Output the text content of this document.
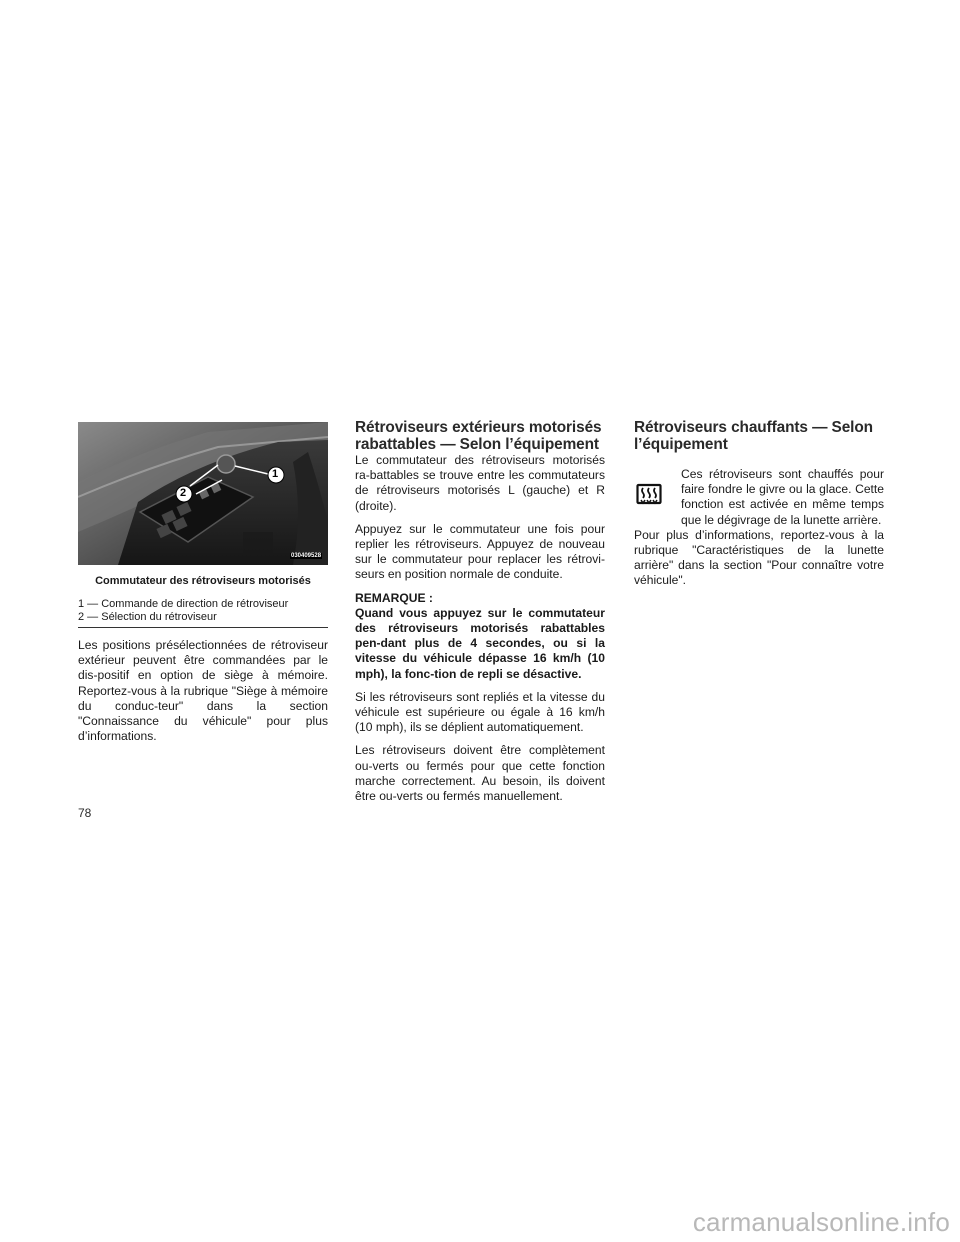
1
2
030409528
Commutateur des rétroviseurs motorisés
1 — Commande de direction de rétroviseur
2 — Sélection du rétroviseur

Les positions présélectionnées de rétroviseur extérieur peuvent être commandées par le dis-positif en option de siège à mémoire. Reportez-vous à la rubrique "Siège à mémoire du conduc-teur" dans la section "Connaissance du véhicule" pour plus d’informations.

Rétroviseurs extérieurs motorisés rabattables — Selon l’équipement

Le commutateur des rétroviseurs motorisés ra-battables se trouve entre les commutateurs de rétroviseurs motorisés L (gauche) et R (droite).

Appuyez sur le commutateur une fois pour replier les rétroviseurs. Appuyez de nouveau sur le commutateur pour replacer les rétrovi-seurs en position normale de conduite.

REMARQUE :

Quand vous appuyez sur le commutateur des rétroviseurs motorisés rabattables pen-dant plus de 4 secondes, ou si la vitesse du véhicule dépasse 16 km/h (10 mph), la fonc-tion de repli se désactive.

Si les rétroviseurs sont repliés et la vitesse du véhicule est supérieure ou égale à 16 km/h (10 mph), ils se déplient automatiquement.

Les rétroviseurs doivent être complètement ou-verts ou fermés pour que cette fonction marche correctement. Au besoin, ils doivent être ou-verts ou fermés manuellement.

Rétroviseurs chauffants — Selon l’équipement

Ces rétroviseurs sont chauffés pour faire fondre le givre ou la glace. Cette fonction est activée en même temps que le dégivrage de la lunette arrière.

Pour plus d’informations, reportez-vous à la rubrique "Caractéristiques de la lunette arrière" dans la section "Pour connaître votre véhicule".

78
carmanualsonline.info
